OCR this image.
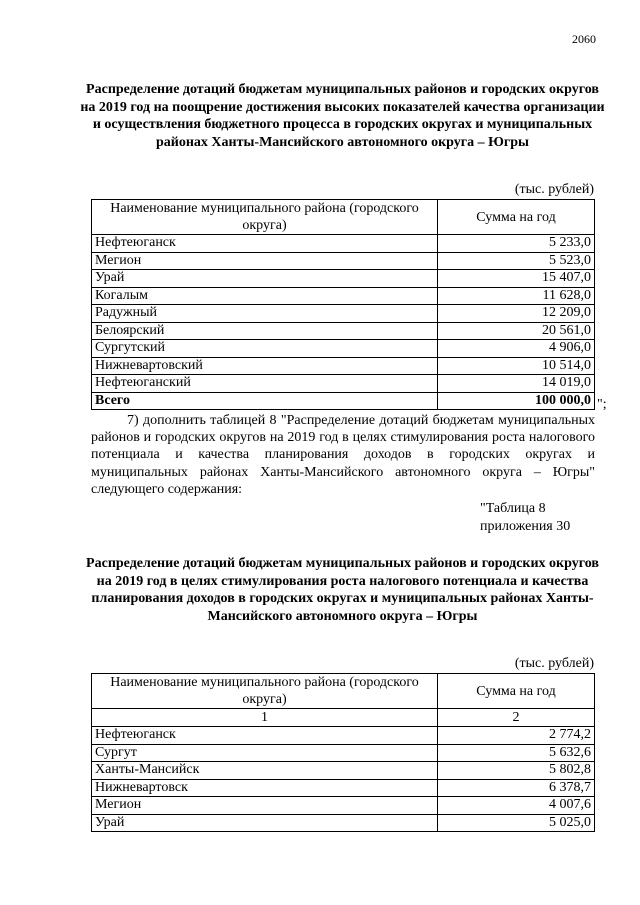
2060
Распределение дотаций бюджетам муниципальных районов и городских округов на 2019 год на поощрение достижения высоких показателей качества организации и осуществления бюджетного процесса в городских округах и муниципальных районах Ханты-Мансийского автономного округа – Югры
(тыс. рублей)
Наименование муниципального района (городского округа)	Сумма на год
Нефтеюганск	5 233,0
Мегион	5 523,0
Урай	15 407,0
Когалым	11 628,0
Радужный	12 209,0
Белоярский	20 561,0
Сургутский	4 906,0
Нижневартовский	10 514,0
Нефтеюганский	14 019,0
Всего	100 000,0 ";
7) дополнить таблицей 8 "Распределение дотаций бюджетам муниципальных районов и городских округов на 2019 год в целях стимулирования роста налогового потенциала и качества планирования доходов в городских округах и муниципальных районах Ханты-Мансийского автономного округа – Югры" следующего содержания:
"Таблица 8
приложения 30
Распределение дотаций бюджетам муниципальных районов и городских округов на 2019 год в целях стимулирования роста налогового потенциала и качества планирования доходов в городских округах и муниципальных районах Ханты-Мансийского автономного округа – Югры
(тыс. рублей)
Наименование муниципального района (городского округа)	Сумма на год
1	2
Нефтеюганск	2 774,2
Сургут	5 632,6
Ханты-Мансийск	5 802,8
Нижневартовск	6 378,7
Мегион	4 007,6
Урай	5 025,0
